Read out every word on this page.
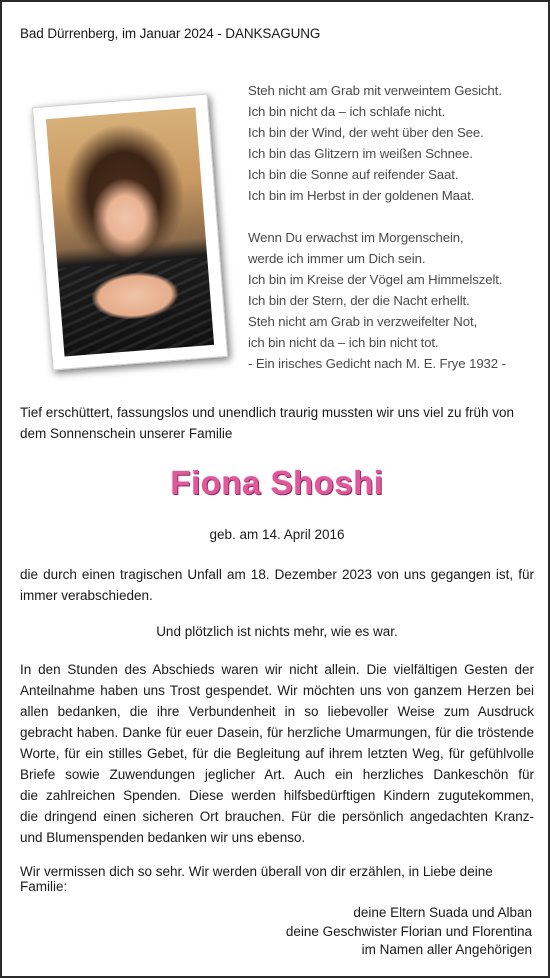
Bad Dürrenberg, im Januar 2024 - DANKSAGUNG
Steh nicht am Grab mit verweintem Gesicht.
Ich bin nicht da – ich schlafe nicht.
Ich bin der Wind, der weht über den See.
Ich bin das Glitzern im weißen Schnee.
Ich bin die Sonne auf reifender Saat.
Ich bin im Herbst in der goldenen Maat.
Wenn Du erwachst im Morgenschein,
werde ich immer um Dich sein.
Ich bin im Kreise der Vögel am Himmelszelt.
Ich bin der Stern, der die Nacht erhellt.
Steh nicht am Grab in verzweifelter Not,
ich bin nicht da – ich bin nicht tot.
- Ein irisches Gedicht nach M. E. Frye 1932 -
Tief erschüttert, fassungslos und unendlich traurig mussten wir uns viel zu früh von dem Sonnenschein unserer Familie
Fiona Shoshi
geb. am 14. April 2016
die durch einen tragischen Unfall am 18. Dezember 2023 von uns gegangen ist, für immer verabschieden.
Und plötzlich ist nichts mehr, wie es war.
In den Stunden des Abschieds waren wir nicht allein. Die vielfältigen Gesten der
Anteilnahme haben uns Trost gespendet. Wir möchten uns von ganzem Herzen bei
allen bedanken, die ihre Verbundenheit in so liebevoller Weise zum Ausdruck
gebracht haben. Danke für euer Dasein, für herzliche Umarmungen, für die tröstende
Worte, für ein stilles Gebet, für die Begleitung auf ihrem letzten Weg, für gefühlvolle
Briefe sowie Zuwendungen jeglicher Art. Auch ein herzliches Dankeschön für
die zahlreichen Spenden. Diese werden hilfsbedürftigen Kindern zugutekommen,
die dringend einen sicheren Ort brauchen. Für die persönlich angedachten Kranz-
und Blumenspenden bedanken wir uns ebenso.
Wir vermissen dich so sehr. Wir werden überall von dir erzählen, in Liebe deine Familie:
deine Eltern Suada und Alban
deine Geschwister Florian und Florentina
im Namen aller Angehörigen
